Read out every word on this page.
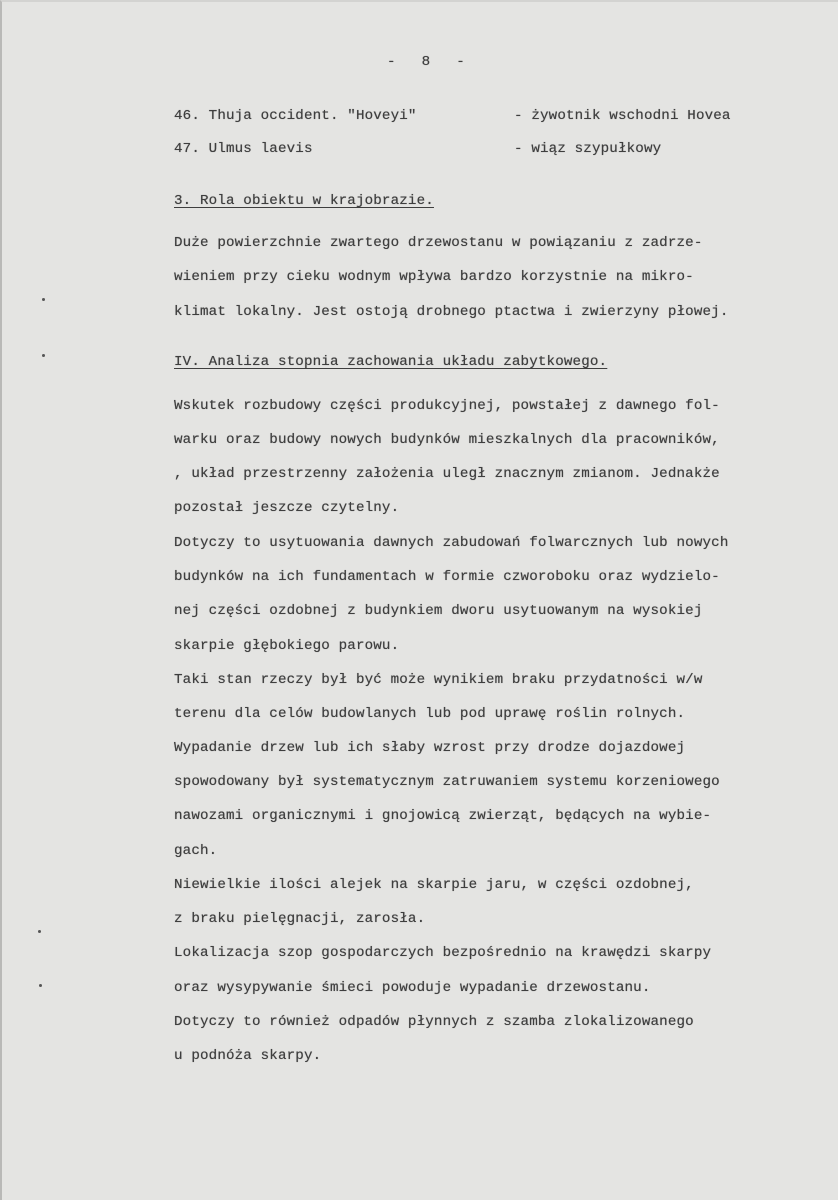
-   8   -
46. Thuja occident. "Hoveyi"	- żywotnik wschodni Hovea
47. Ulmus laevis	- wiąz szypułkowy
3. Rola obiektu w krajobrazie.
Duże powierzchnie zwartego drzewostanu w powiązaniu z zadrze-
wieniem przy cieku wodnym wpływa bardzo korzystnie na mikro-
klimat lokalny. Jest ostoją drobnego ptactwa i zwierzyny płowej.
IV. Analiza stopnia zachowania układu zabytkowego.
Wskutek rozbudowy części produkcyjnej, powstałej z dawnego fol-
warku oraz budowy nowych budynków mieszkalnych dla pracowników,
, układ przestrzenny założenia uległ znacznym zmianom. Jednakże
pozostał jeszcze czytelny.
Dotyczy to usytuowania dawnych zabudowań folwarcznych lub nowych
budynków na ich fundamentach w formie czworoboku oraz wydzielo-
nej części ozdobnej z budynkiem dworu usytuowanym na wysokiej
skarpie głębokiego parowu.
Taki stan rzeczy był być może wynikiem braku przydatności w/w
terenu dla celów budowlanych lub pod uprawę roślin rolnych.
Wypadanie drzew lub ich słaby wzrost przy drodze dojazdowej
spowodowany był systematycznym zatruwaniem systemu korzeniowego
nawozami organicznymi i gnojowicą zwierząt, będących na wybie-
gach.
Niewielkie ilości alejek na skarpie jaru, w części ozdobnej,
z braku pielęgnacji, zarosła.
Lokalizacja szop gospodarczych bezpośrednio na krawędzi skarpy
oraz wysypywanie śmieci powoduje wypadanie drzewostanu.
Dotyczy to również odpadów płynnych z szamba zlokalizowanego
u podnóża skarpy.
